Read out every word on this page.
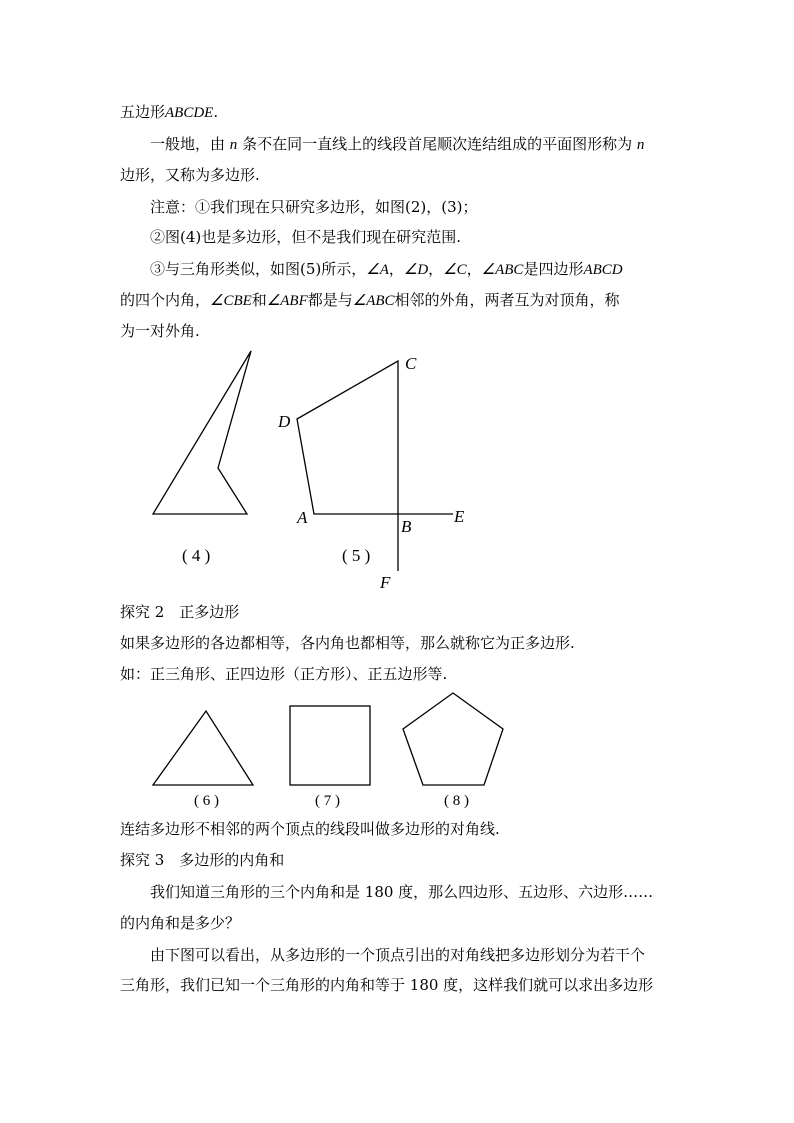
五边形ABCDE.
一般地，由 n 条不在同一直线上的线段首尾顺次连结组成的平面图形称为 n
边形，又称为多边形.
注意：①我们现在只研究多边形，如图(2)，(3)；
②图(4)也是多边形，但不是我们现在研究范围.
③与三角形类似，如图(5)所示，∠A，∠D，∠C，∠ABC是四边形ABCD
的四个内角，∠CBE和∠ABF都是与∠ABC相邻的外角，两者互为对顶角，称
为一对外角.
( 4 )
C
D
A	B
E
F
( 5 )
探究 2　正多边形
如果多边形的各边都相等，各内角也都相等，那么就称它为正多边形.
如：正三角形、正四边形（正方形）、正五边形等.
( 6 )	( 7 )	( 8 )
连结多边形不相邻的两个顶点的线段叫做多边形的对角线.
探究 3　多边形的内角和
我们知道三角形的三个内角和是 180 度，那么四边形、五边形、六边形……
的内角和是多少？
由下图可以看出，从多边形的一个顶点引出的对角线把多边形划分为若干个
三角形，我们已知一个三角形的内角和等于 180 度，这样我们就可以求出多边形
